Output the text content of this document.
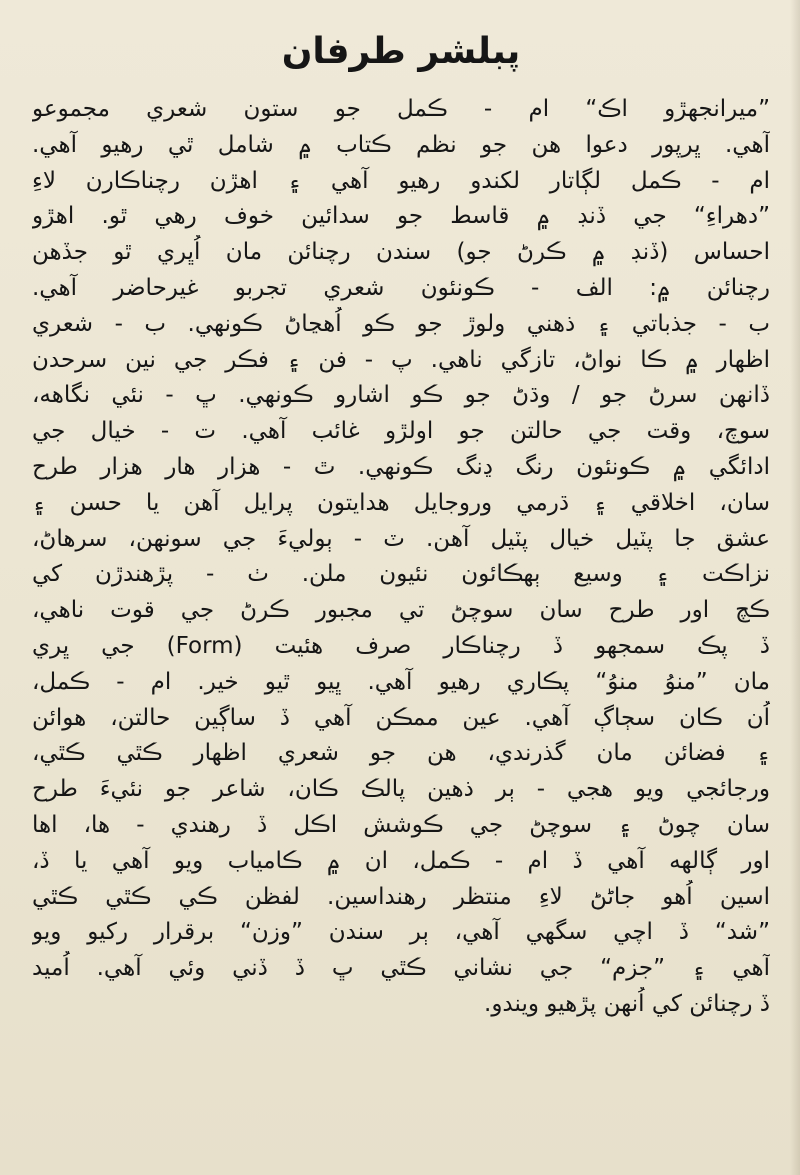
پبلشر طرفان
”ميرانجهڙو اڪ“ ام - ڪمل جو ستون شعري مجموعو
آهي. ڀرپور دعوا هن جو نظم ڪتاب ۾ شامل ٿي رهيو آهي.
ام - ڪمل لڳاتار لکندو رهيو آهي ۽ اهڙن رچناڪارن لاءِ
”دهراءِ“ جي ڏنڊ ۾ قاسط جو سدائين خوف رهي ٿو. اهڙو
احساس (ڏنڊ ۾ ڪرڻ جو) سندن رچنائن مان اُڀري ٿو جڏهن
رچنائن ۾: الف - ڪونئون شعري تجربو غيرحاضر آهي.
ب - جذباتي ۽ ذهني ولوڙ جو ڪو اُهڃاڻ ڪونهي. ب - شعري
اظهار ۾ ڪا نواڻ، تازگي ناهي. پ - فن ۽ فڪر جي نين سرحدن
ڏانهن سرڻ جو / وڌڻ جو ڪو اشارو ڪونهي. ڀ - نئي نگاهه،
سوچ، وقت جي حالتن جو اولڙو غائب آهي. ت - خيال جي
ادائگي ۾ ڪونئون رنگ ڍنگ ڪونهي. ٿ - هزار هار هزار طرح
سان، اخلاقي ۽ ڌرمي وروجايل هدايتون پرايل آهن يا حسن ۽
عشق جا پٽيل خيال پٽيل آهن. ٽ - ٻوليءَ جي سونهن، سرهاڻ،
نزاڪت ۽ وسيع ٻهڪائون نئيون ملن. ٺ - پڙهندڙن کي
ڪچ اور طرح سان سوچڻ تي مجبور ڪرڻ جي قوت ناهي،
ڏ پڪ سمجهو ڏ رچناڪار صرف هئيت (Form) جي ڀري
مان ”منوُ منوُ“ پڪاري رهيو آهي. ڀيو ٿيو خير. ام - ڪمل،
اُن ڪان سڄاڳ آهي. عين ممڪن آهي ڏ ساڳين حالتن، هوائن
۽ فضائن مان گذرندي، هن جو شعري اظهار ڪٿي ڪٿي،
ورجائجي ويو هجي - ٻر ذهين پالڪ ڪان، شاعر جو نئيءَ طرح
سان چوڻ ۽ سوچڻ جي ڪوشش اڪل ڏ رهندي - ها، اها
اور ڳالهه آهي ڏ ام - ڪمل، ان ۾ ڪامياب ويو آهي يا ڏ،
اسين اُهو جاڻڻ لاءِ منتظر رهنداسين. لفظن ڪي ڪٿي ڪٿي
”شد“ ڏ اچي سگهي آهي، ٻر سندن ”وزن“ برقرار رکيو ويو
آهي ۽ ”جزم“ جي نشاني ڪٿي ڀ ڏ ڏني وئي آهي. اُميد
ڏ رچنائن کي اُنهن پڙهيو ويندو.
